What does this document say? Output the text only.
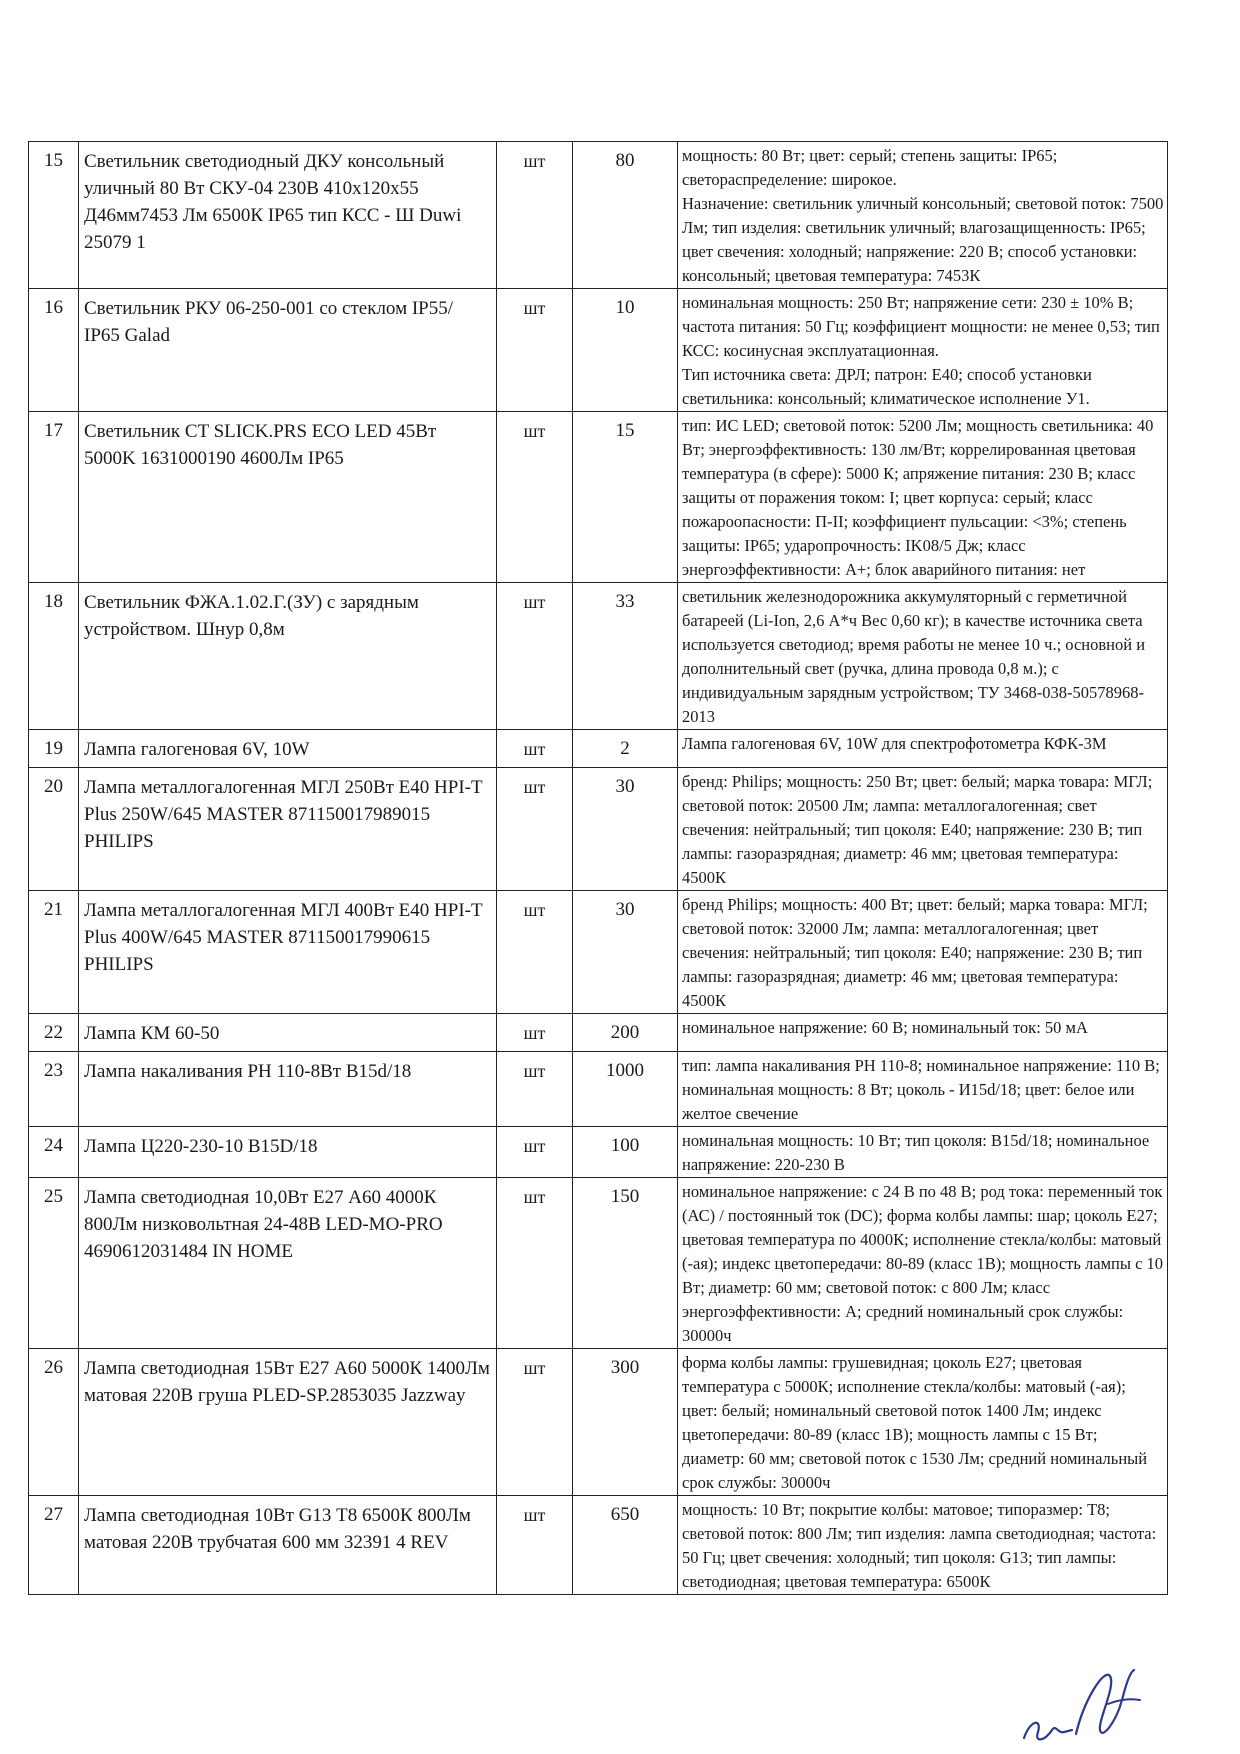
15	Светильник светодиодный ДКУ консольный уличный 80 Вт СКУ-04 230В 410х120х55 Д46мм7453 Лм 6500К IP65 тип КСС - Ш Duwi 25079 1	шт	80	мощность: 80 Вт; цвет: серый; степень защиты: IP65; светораспределение: широкое.
Назначение: светильник уличный консольный; световой поток: 7500 Лм; тип изделия: светильник уличный; влагозащищенность: IP65; цвет свечения: холодный; напряжение: 220 В; способ установки: консольный; цветовая температура: 7453К

16	Светильник РКУ 06-250-001 со стеклом IP55/ IP65 Galad	шт	10	номинальная мощность: 250 Вт; напряжение сети: 230 ± 10% В; частота питания: 50 Гц; коэффициент мощности: не менее 0,53; тип КСС: косинусная эксплуатационная.
Тип источника света: ДРЛ; патрон: Е40; способ установки светильника: консольный; климатическое исполнение У1.

17	Светильник CT SLICK.PRS ECO LED 45Вт 5000K 1631000190 4600Лм IP65	шт	15	тип: ИС LED; световой поток: 5200 Лм; мощность светильника: 40 Вт; энергоэффективность: 130 лм/Вт; коррелированная цветовая температура (в сфере): 5000 К; апряжение питания: 230 В; класс защиты от поражения током: I; цвет корпуса: серый; класс пожароопасности: П-II; коэффициент пульсации: <3%; степень защиты: IP65; ударопрочность: IK08/5 Дж; класс энергоэффективности: А+; блок аварийного питания: нет

18	Светильник ФЖА.1.02.Г.(ЗУ) с зарядным устройством. Шнур 0,8м	шт	33	светильник железнодорожника аккумуляторный с герметичной батареей (Li-Ion, 2,6 А*ч Вес 0,60 кг); в качестве источника света используется светодиод; время работы не менее 10 ч.; основной и дополнительный свет (ручка, длина провода 0,8 м.); с индивидуальным зарядным устройством; ТУ 3468-038-50578968-2013

19	Лампа галогеновая 6V, 10W	шт	2	Лампа галогеновая 6V, 10W для спектрофотометра КФК-3М

20	Лампа металлогалогенная МГЛ 250Вт Е40 HPI-T Plus 250W/645 MASTER 871150017989015 PHILIPS	шт	30	бренд: Philips; мощность: 250 Вт; цвет: белый; марка товара: МГЛ; световой поток: 20500 Лм; лампа: металлогалогенная; свет свечения: нейтральный; тип цоколя: Е40; напряжение: 230 В; тип лампы: газоразрядная; диаметр: 46 мм; цветовая температура: 4500К

21	Лампа металлогалогенная МГЛ 400Вт Е40 HPI-T Plus 400W/645 MASTER 871150017990615 PHILIPS	шт	30	бренд Philips; мощность: 400 Вт; цвет: белый; марка товара: МГЛ; световой поток: 32000 Лм; лампа: металлогалогенная; цвет свечения: нейтральный; тип цоколя: Е40; напряжение: 230 В; тип лампы: газоразрядная; диаметр: 46 мм; цветовая температура: 4500К

22	Лампа КМ 60-50	шт	200	номинальное напряжение: 60 В; номинальный ток: 50 мА

23	Лампа накаливания РН 110-8Вт B15d/18	шт	1000	тип: лампа накаливания РН 110-8; номинальное напряжение: 110 В; номинальная мощность: 8 Вт; цоколь - И15d/18; цвет: белое или желтое свечение

24	Лампа Ц220-230-10 B15D/18	шт	100	номинальная мощность: 10 Вт; тип цоколя: B15d/18; номинальное напряжение: 220-230 В

25	Лампа светодиодная 10,0Вт Е27 А60 4000К 800Лм низковольтная 24-48В LED-MO-PRO 4690612031484 IN HOME	шт	150	номинальное напряжение: с 24 В по 48 В; род тока: переменный ток (АС) / постоянный ток (DC); форма колбы лампы: шар; цоколь Е27; цветовая температура по 4000К; исполнение стекла/колбы: матовый (-ая); индекс цветопередачи: 80-89 (класс 1В); мощность лампы с 10 Вт; диаметр: 60 мм; световой поток: с 800 Лм; класс энергоэффективности: А; средний номинальный срок службы: 30000ч

26	Лампа светодиодная 15Вт Е27 А60 5000К 1400Лм матовая 220В груша PLED-SP.2853035 Jazzway	шт	300	форма колбы лампы: грушевидная; цоколь Е27; цветовая температура с 5000К; исполнение стекла/колбы: матовый (-ая); цвет: белый; номинальный световой поток 1400 Лм; индекс цветопередачи: 80-89 (класс 1В); мощность лампы с 15 Вт; диаметр: 60 мм; световой поток с 1530 Лм; средний номинальный срок службы: 30000ч

27	Лампа светодиодная 10Вт G13 Т8 6500К 800Лм матовая 220В трубчатая 600 мм 32391 4 REV	шт	650	мощность: 10 Вт; покрытие колбы: матовое; типоразмер: Т8; световой поток: 800 Лм; тип изделия: лампа светодиодная; частота: 50 Гц; цвет свечения: холодный; тип цоколя: G13; тип лампы: светодиодная; цветовая температура: 6500К
